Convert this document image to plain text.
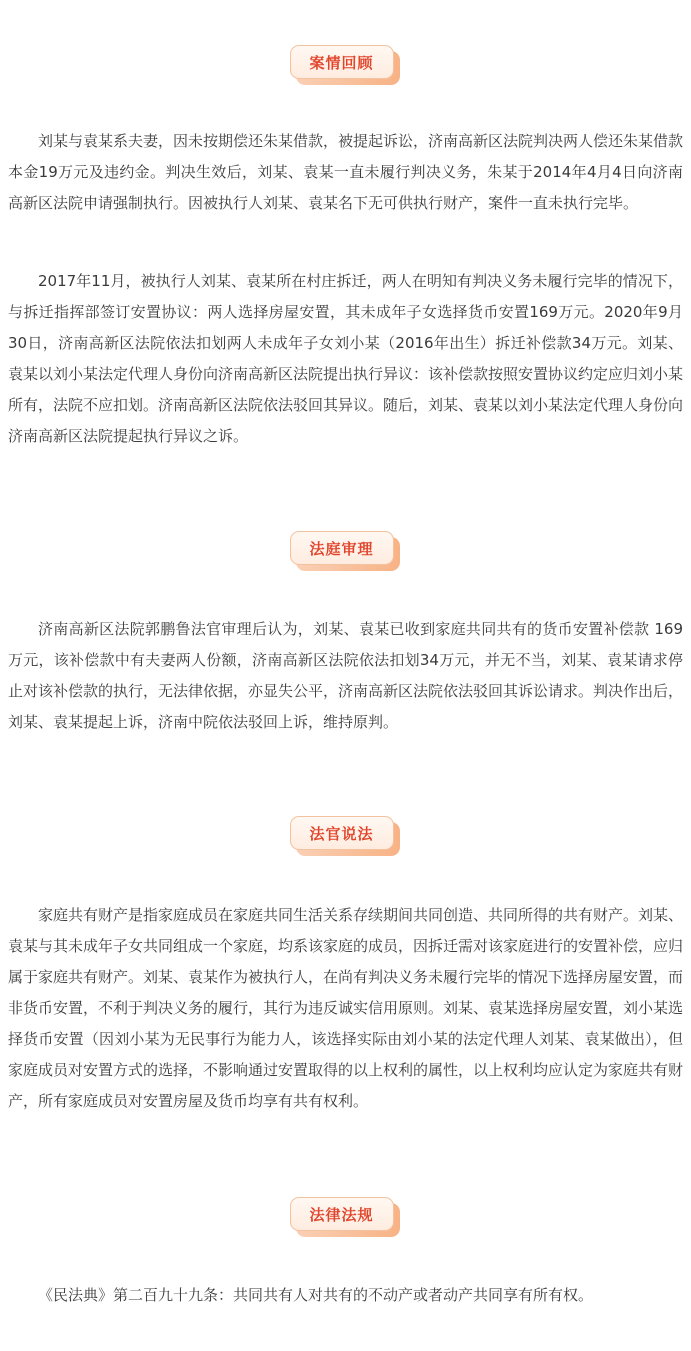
案情回顾

刘某与袁某系夫妻，因未按期偿还朱某借款，被提起诉讼，济南高新区法院判决两人偿还朱某借款本金19万元及违约金。判决生效后，刘某、袁某一直未履行判决义务，朱某于2014年4月4日向济南高新区法院申请强制执行。因被执行人刘某、袁某名下无可供执行财产，案件一直未执行完毕。

2017年11月，被执行人刘某、袁某所在村庄拆迁，两人在明知有判决义务未履行完毕的情况下，与拆迁指挥部签订安置协议：两人选择房屋安置，其未成年子女选择货币安置169万元。2020年9月30日，济南高新区法院依法扣划两人未成年子女刘小某（2016年出生）拆迁补偿款34万元。刘某、袁某以刘小某法定代理人身份向济南高新区法院提出执行异议：该补偿款按照安置协议约定应归刘小某所有，法院不应扣划。济南高新区法院依法驳回其异议。随后，刘某、袁某以刘小某法定代理人身份向济南高新区法院提起执行异议之诉。

法庭审理

济南高新区法院郭鹏鲁法官审理后认为，刘某、袁某已收到家庭共同共有的货币安置补偿款 169万元，该补偿款中有夫妻两人份额，济南高新区法院依法扣划34万元，并无不当，刘某、袁某请求停止对该补偿款的执行，无法律依据，亦显失公平，济南高新区法院依法驳回其诉讼请求。判决作出后，刘某、袁某提起上诉，济南中院依法驳回上诉，维持原判。

法官说法

家庭共有财产是指家庭成员在家庭共同生活关系存续期间共同创造、共同所得的共有财产。刘某、袁某与其未成年子女共同组成一个家庭，均系该家庭的成员，因拆迁需对该家庭进行的安置补偿，应归属于家庭共有财产。刘某、袁某作为被执行人，在尚有判决义务未履行完毕的情况下选择房屋安置，而非货币安置，不利于判决义务的履行，其行为违反诚实信用原则。刘某、袁某选择房屋安置，刘小某选择货币安置（因刘小某为无民事行为能力人，该选择实际由刘小某的法定代理人刘某、袁某做出），但家庭成员对安置方式的选择，不影响通过安置取得的以上权利的属性，以上权利均应认定为家庭共有财产，所有家庭成员对安置房屋及货币均享有共有权利。

法律法规

《民法典》第二百九十九条：共同共有人对共有的不动产或者动产共同享有所有权。
